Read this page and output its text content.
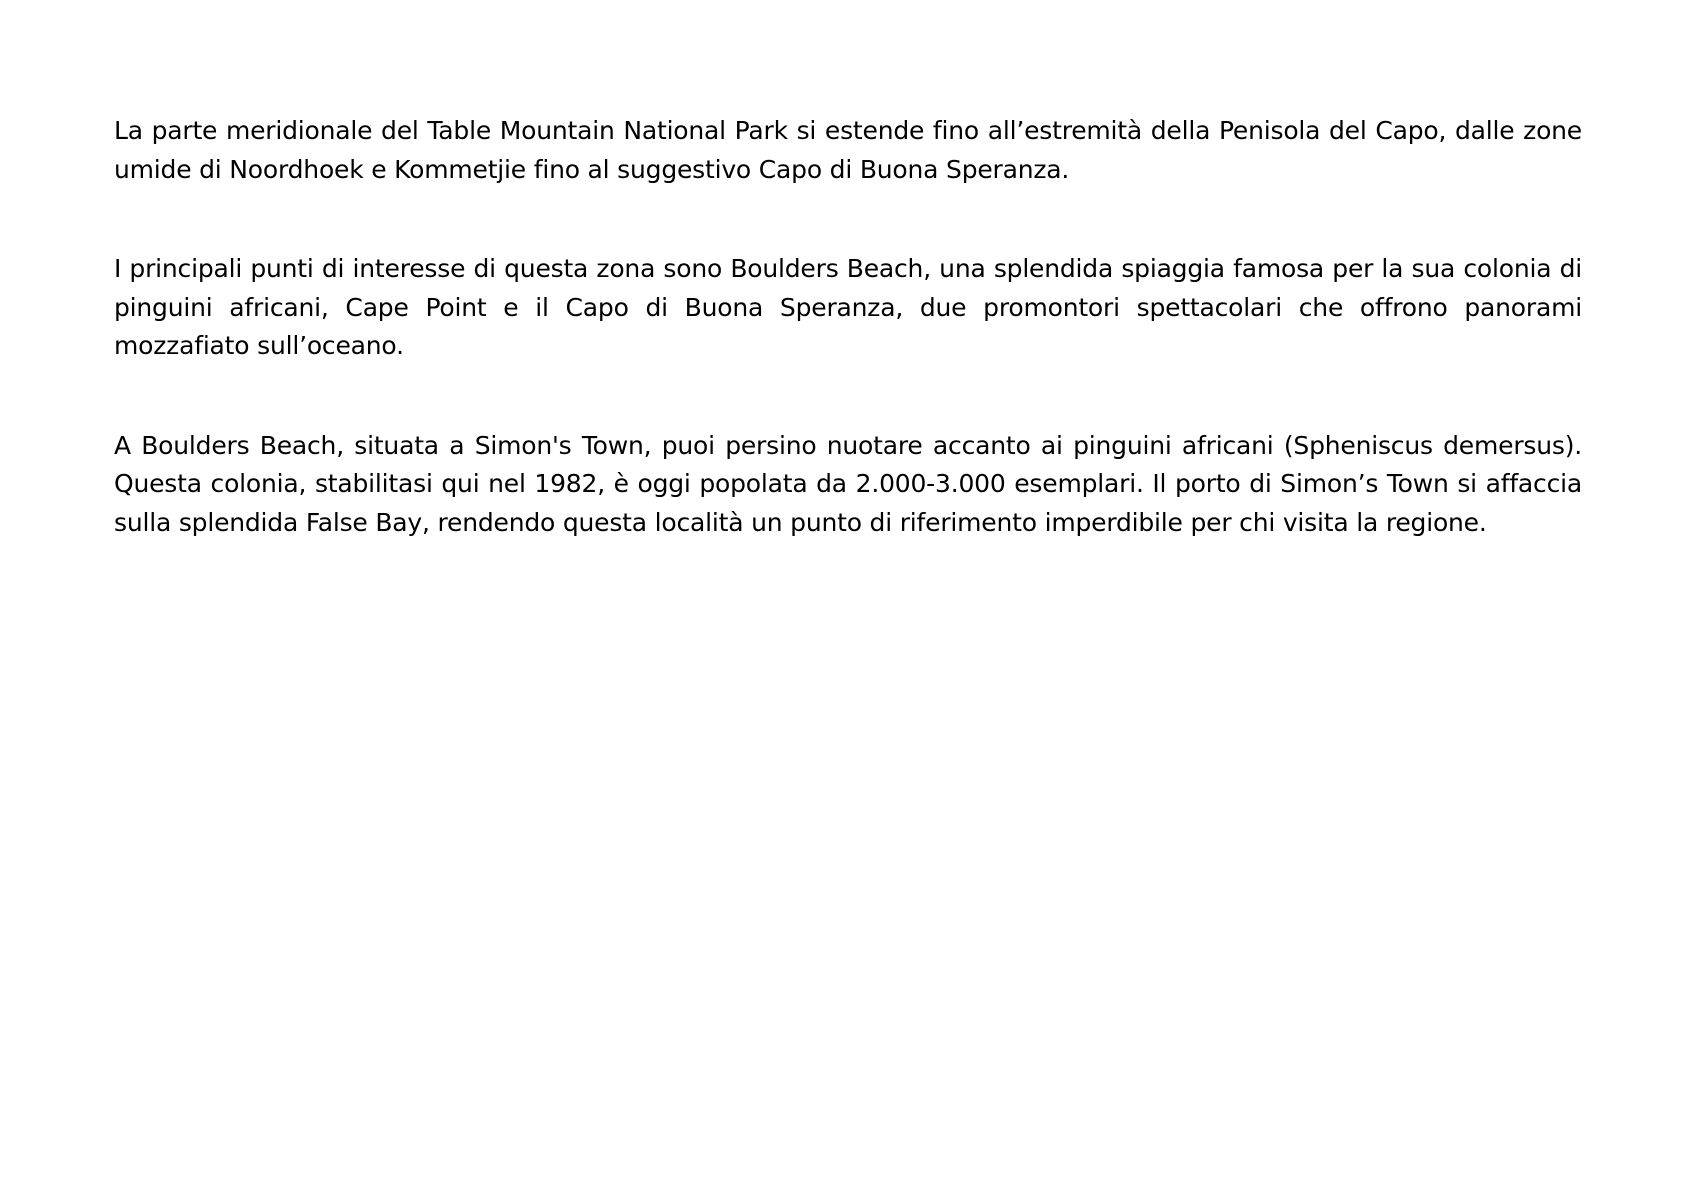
La parte meridionale del Table Mountain National Park si estende fino all’estremità della Penisola del Capo, dalle zone umide di Noordhoek e Kommetjie fino al suggestivo Capo di Buona Speranza.

I principali punti di interesse di questa zona sono Boulders Beach, una splendida spiaggia famosa per la sua colonia di pinguini africani, Cape Point e il Capo di Buona Speranza, due promontori spettacolari che offrono panorami mozzafiato sull’oceano.

A Boulders Beach, situata a Simon's Town, puoi persino nuotare accanto ai pinguini africani (Spheniscus demersus). Questa colonia, stabilitasi qui nel 1982, è oggi popolata da 2.000-3.000 esemplari. Il porto di Simon’s Town si affaccia sulla splendida False Bay, rendendo questa località un punto di riferimento imperdibile per chi visita la regione.
